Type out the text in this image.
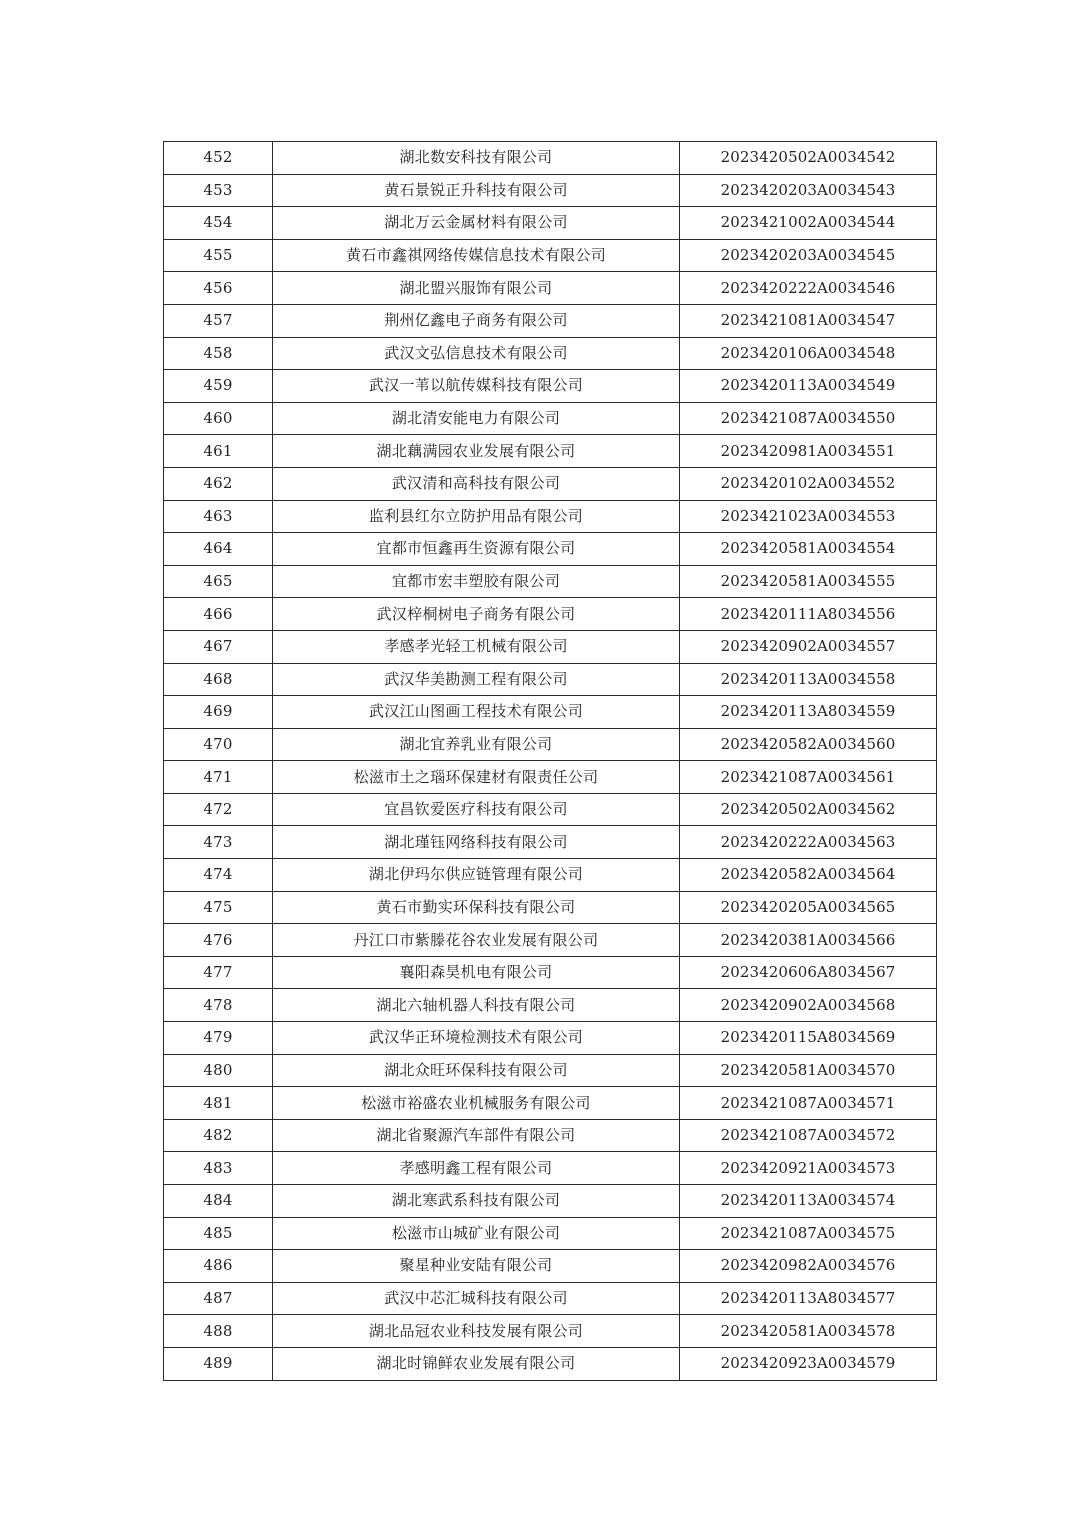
452	湖北数安科技有限公司	2023420502A0034542
453	黄石景锐正升科技有限公司	2023420203A0034543
454	湖北万云金属材料有限公司	2023421002A0034544
455	黄石市鑫祺网络传媒信息技术有限公司	2023420203A0034545
456	湖北盟兴服饰有限公司	2023420222A0034546
457	荆州亿鑫电子商务有限公司	2023421081A0034547
458	武汉文弘信息技术有限公司	2023420106A0034548
459	武汉一苇以航传媒科技有限公司	2023420113A0034549
460	湖北清安能电力有限公司	2023421087A0034550
461	湖北藕满园农业发展有限公司	2023420981A0034551
462	武汉清和高科技有限公司	2023420102A0034552
463	监利县红尔立防护用品有限公司	2023421023A0034553
464	宜都市恒鑫再生资源有限公司	2023420581A0034554
465	宜都市宏丰塑胶有限公司	2023420581A0034555
466	武汉梓桐树电子商务有限公司	2023420111A8034556
467	孝感孝光轻工机械有限公司	2023420902A0034557
468	武汉华美勘测工程有限公司	2023420113A0034558
469	武汉江山图画工程技术有限公司	2023420113A8034559
470	湖北宜养乳业有限公司	2023420582A0034560
471	松滋市土之瑙环保建材有限责任公司	2023421087A0034561
472	宜昌钦爱医疗科技有限公司	2023420502A0034562
473	湖北瑾钰网络科技有限公司	2023420222A0034563
474	湖北伊玛尔供应链管理有限公司	2023420582A0034564
475	黄石市勤实环保科技有限公司	2023420205A0034565
476	丹江口市紫滕花谷农业发展有限公司	2023420381A0034566
477	襄阳森昊机电有限公司	2023420606A8034567
478	湖北六轴机器人科技有限公司	2023420902A0034568
479	武汉华正环境检测技术有限公司	2023420115A8034569
480	湖北众旺环保科技有限公司	2023420581A0034570
481	松滋市裕盛农业机械服务有限公司	2023421087A0034571
482	湖北省聚源汽车部件有限公司	2023421087A0034572
483	孝感明鑫工程有限公司	2023420921A0034573
484	湖北寒武系科技有限公司	2023420113A0034574
485	松滋市山城矿业有限公司	2023421087A0034575
486	聚星种业安陆有限公司	2023420982A0034576
487	武汉中芯汇城科技有限公司	2023420113A8034577
488	湖北品冠农业科技发展有限公司	2023420581A0034578
489	湖北时锦鲜农业发展有限公司	2023420923A0034579
